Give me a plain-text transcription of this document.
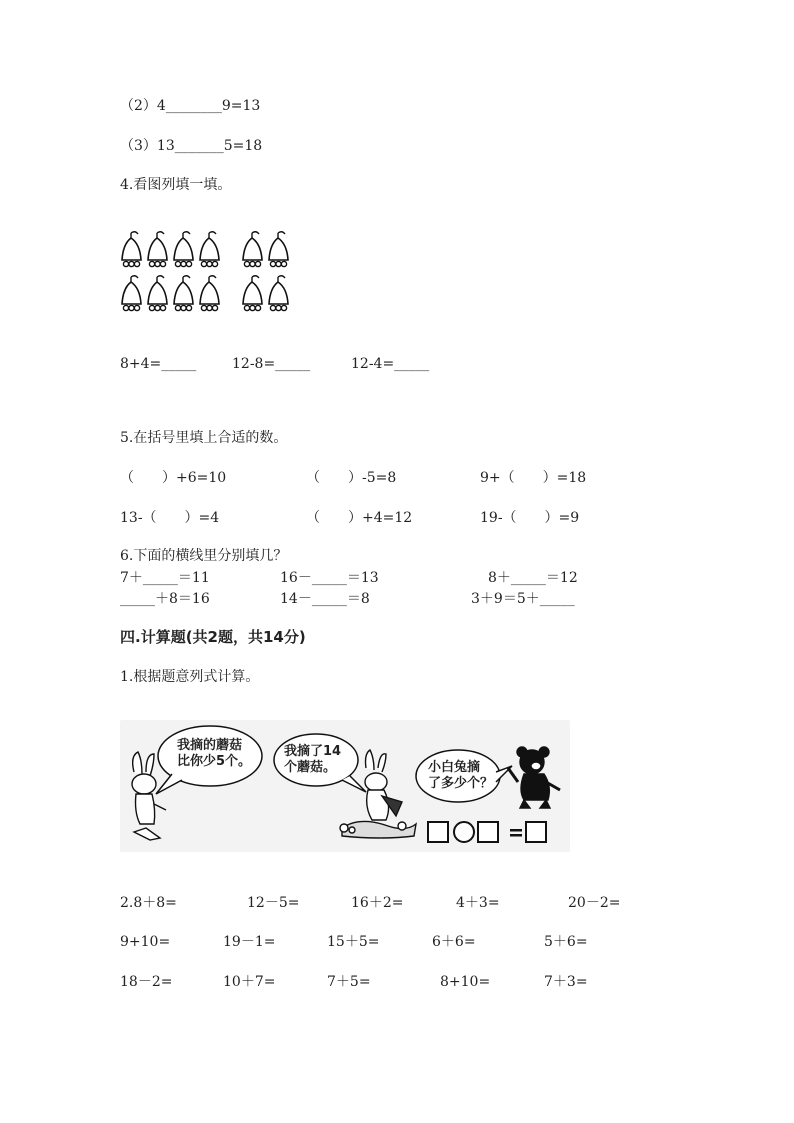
（2）4________9=13
（3）13_______5=18
4.看图列填一填。
8+4=_____	12-8=_____	12-4=_____
5.在括号里填上合适的数。
（　　）+6=10	（　　）-5=8	9+（　　）=18
13-（　　）=4	（　　）+4=12	19-（　　）=9
6.下面的横线里分别填几？
7＋_____＝11	16－_____＝13	8＋_____＝12
_____＋8＝16	14－_____＝8	3＋9＝5＋_____
四.计算题(共2题，共14分)
1.根据题意列式计算。
我摘的蘑菇
比你少5个。
我摘了14
个蘑菇。	小白兔摘
了多少个？
2.8＋8=	12－5=	16＋2=	4＋3=	20－2=
9+10=	19－1=	15＋5=	6＋6=	5＋6=
18－2=	10＋7=	7＋5=	8+10=	7＋3=
